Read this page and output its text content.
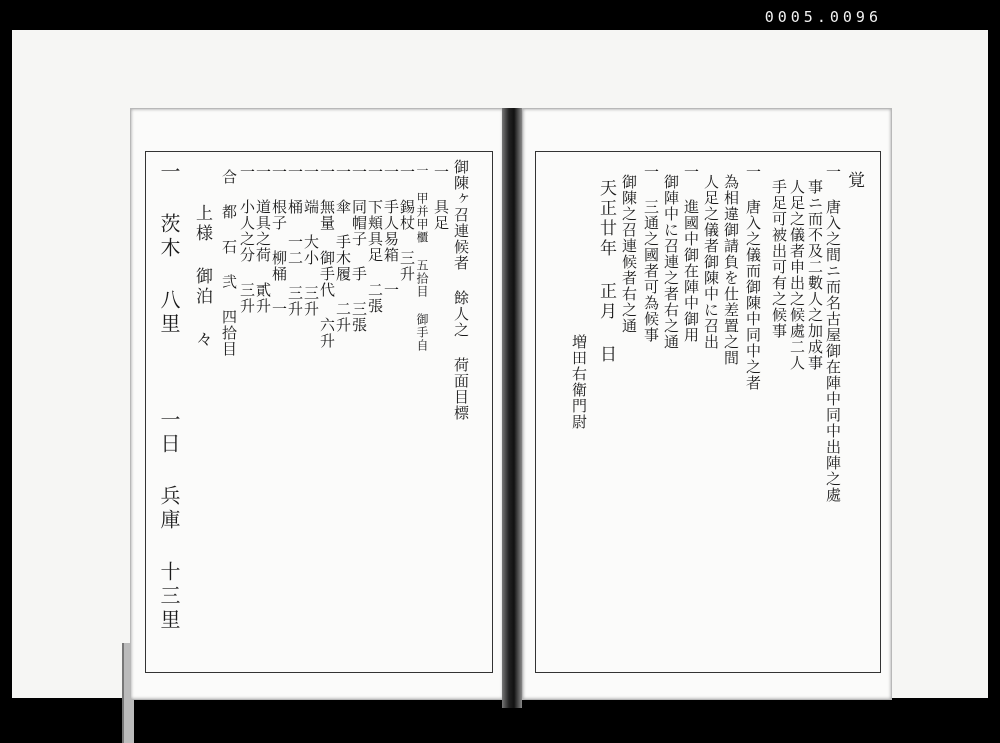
0005.0096
御陳ヶ召連候者 餘人之 荷面目標
一 具足
一 甲并甲櫃 五拾目 御手自
一 錫杖 三升
一 手人易箱 一
一 下頬具足 二張
一 同帽子 手 三張
一 傘 手木履 二升
一 無量 御手代 六升
一 端 大小 三升
一 桶 一二 三升
一 根子 柳桶 一
一 道具之荷 貳升
一 小人之分 三升
合 都 石 弐 四拾目
上様 御泊 々
一 茨木 八里
一日 兵庫 十三里
覚
一 唐入之間ニ而名古屋御在陣中同中出陣之處
事ニ而不及二數人之加成事
人足之儀者申出之候處二人
手足可被出可有之候事
一 唐入之儀而御陳中同中之者
為相違御請負を仕差置之間
人足之儀者御陳中に召出
一 進國中御在陣中御用
御陣中に召連之者右之通
一 三通之國者可為候事
御陳之召連候者右之通
天正廿年 正月 日
増田右衛門尉
